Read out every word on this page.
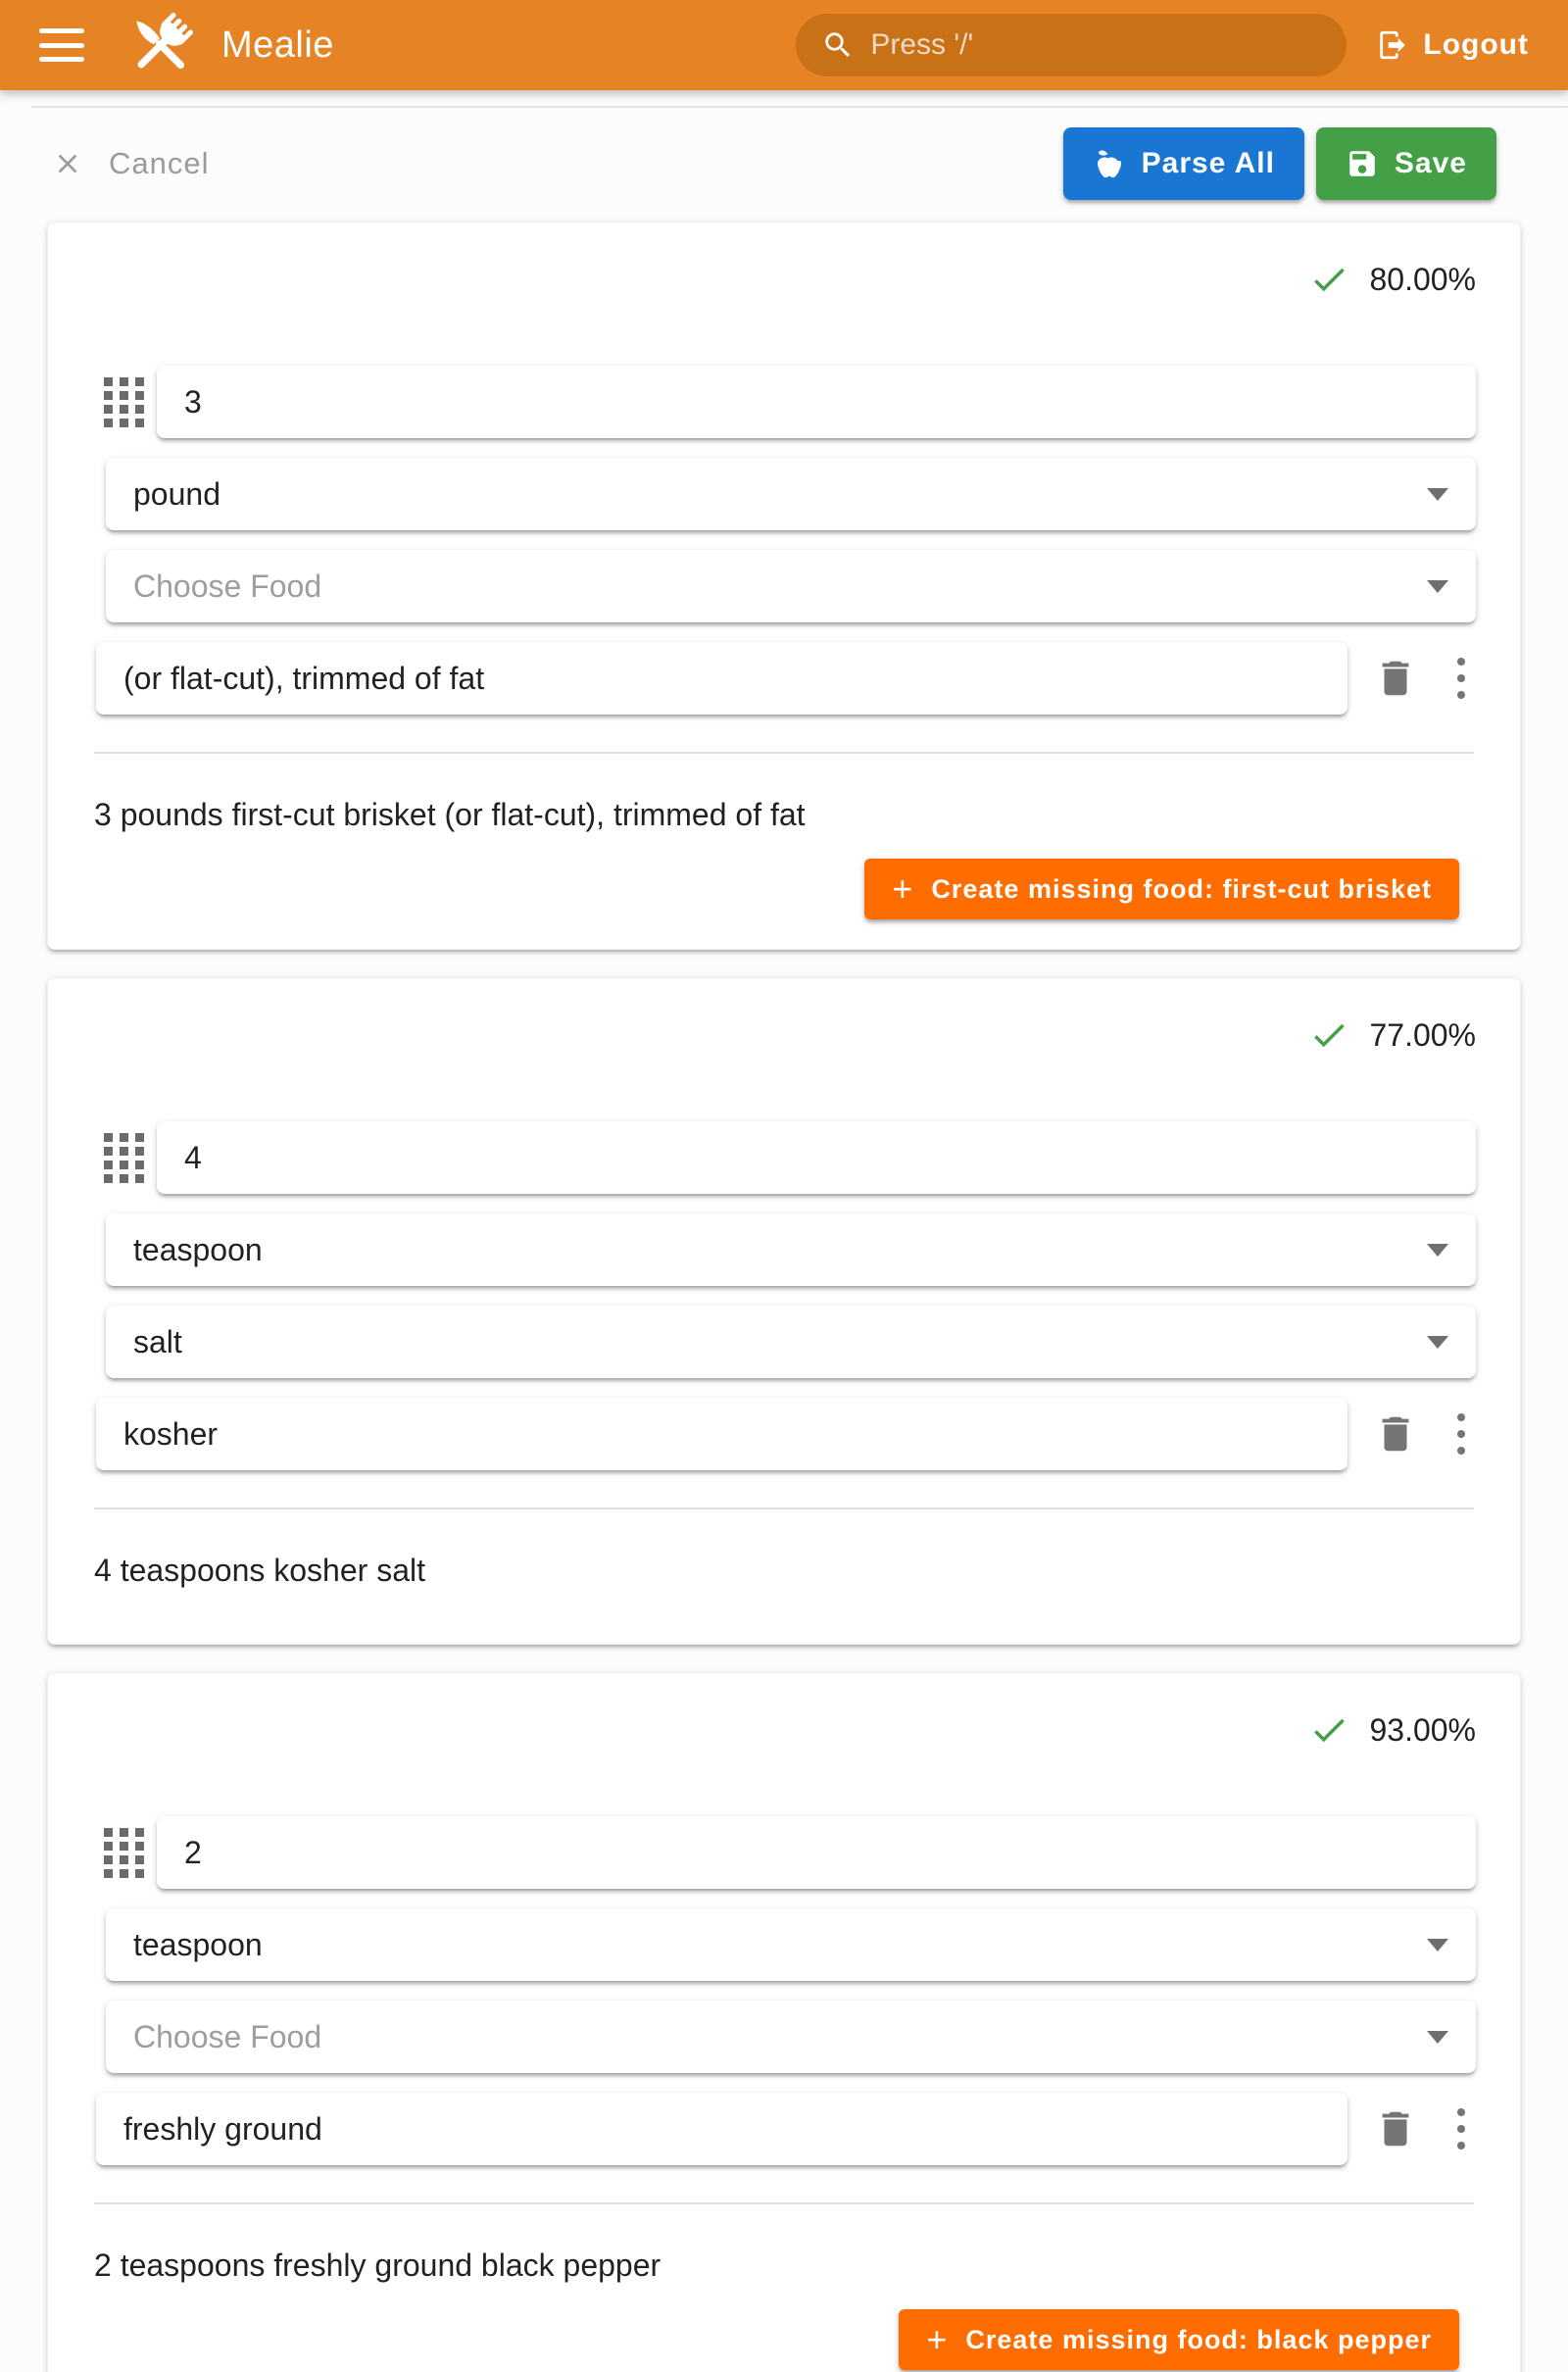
Mealie	Press '/'	Logout
Cancel	Parse All	Save
80.00%
3
pound
Choose Food
(or flat-cut), trimmed of fat

3 pounds first-cut brisket (or flat-cut), trimmed of fat

+ Create missing food: first-cut brisket
77.00%
4
teaspoon
salt
kosher

4 teaspoons kosher salt

93.00%
2
teaspoon
Choose Food
freshly ground

2 teaspoons freshly ground black pepper

+ Create missing food: black pepper
